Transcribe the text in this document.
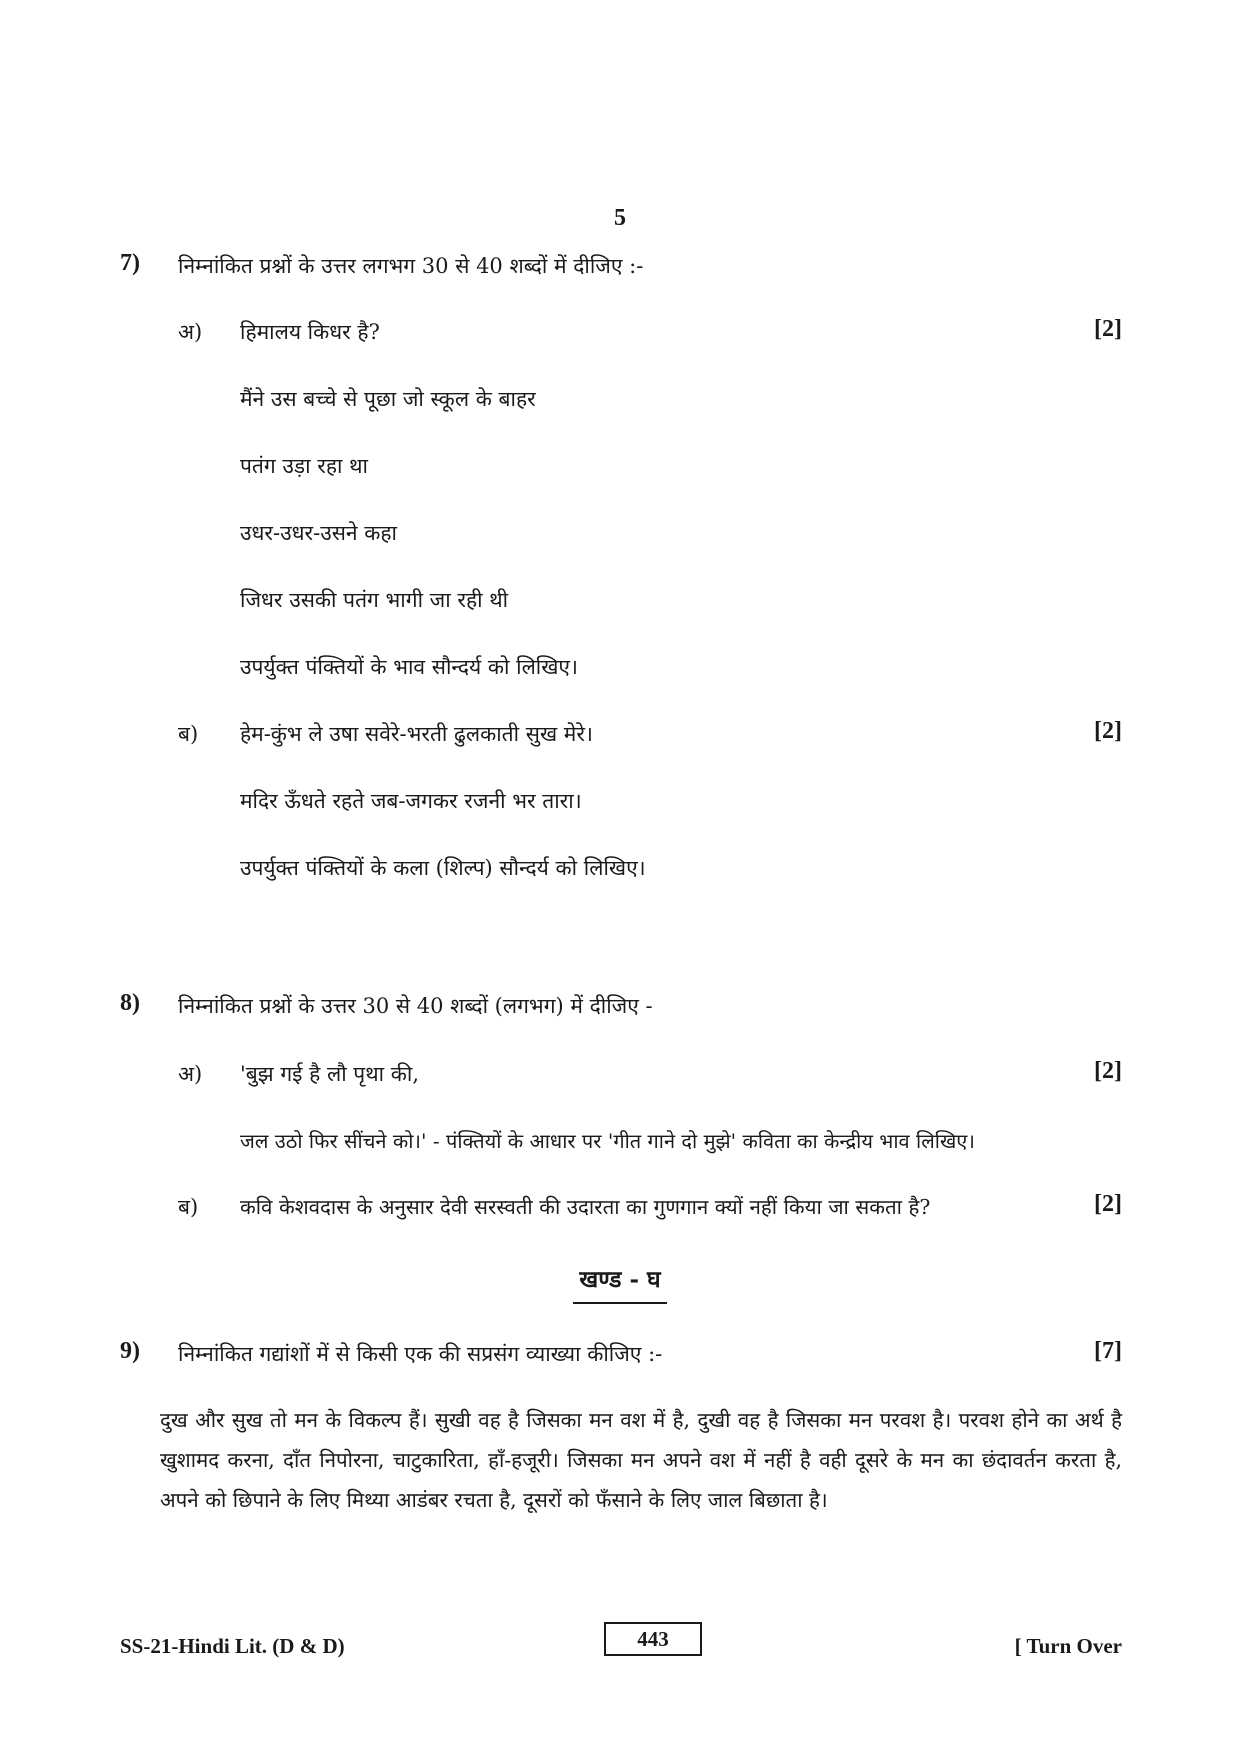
5
7) निम्नांकित प्रश्नों के उत्तर लगभग 30 से 40 शब्दों में दीजिए :-
अ) हिमालय किधर है?	[2]
मैंने उस बच्चे से पूछा जो स्कूल के बाहर
पतंग उड़ा रहा था
उधर-उधर-उसने कहा
जिधर उसकी पतंग भागी जा रही थी
उपर्युक्त पंक्तियों के भाव सौन्दर्य को लिखिए।
ब) हेम-कुंभ ले उषा सवेरे-भरती ढुलकाती सुख मेरे।	[2]
मदिर ऊँधते रहते जब-जगकर रजनी भर तारा।
उपर्युक्त पंक्तियों के कला (शिल्प) सौन्दर्य को लिखिए।
8) निम्नांकित प्रश्नों के उत्तर 30 से 40 शब्दों (लगभग) में दीजिए -
अ) 'बुझ गई है लौ पृथा की,	[2]
जल उठो फिर सींचने को।' - पंक्तियों के आधार पर 'गीत गाने दो मुझे' कविता का केन्द्रीय भाव लिखिए।
ब) कवि केशवदास के अनुसार देवी सरस्वती की उदारता का गुणगान क्यों नहीं किया जा सकता है?	[2]
खण्ड - घ
9) निम्नांकित गद्यांशों में से किसी एक की सप्रसंग व्याख्या कीजिए :-	[7]
दुख और सुख तो मन के विकल्प हैं। सुखी वह है जिसका मन वश में है, दुखी वह है जिसका मन परवश है। परवश होने का अर्थ है खुशामद करना, दाँत निपोरना, चाटुकारिता, हाँ-हजूरी। जिसका मन अपने वश में नहीं है वही दूसरे के मन का छंदावर्तन करता है, अपने को छिपाने के लिए मिथ्या आडंबर रचता है, दूसरों को फँसाने के लिए जाल बिछाता है।
SS-21-Hindi Lit. (D & D)	443	[ Turn Over
